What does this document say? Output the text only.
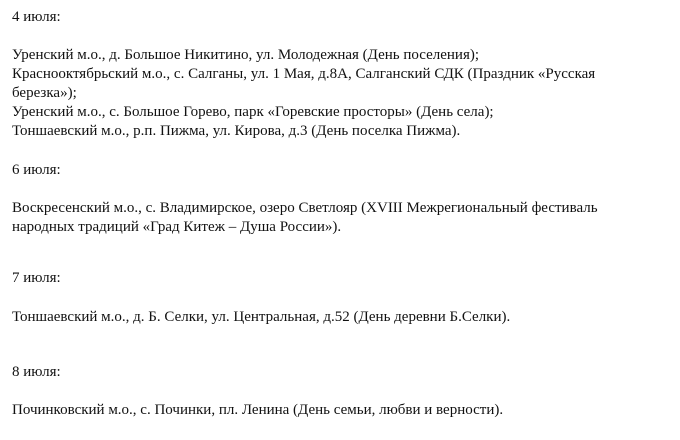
4 июля:
Уренский м.о., д. Большое Никитино, ул. Молодежная (День поселения);
Краснооктябрьский м.о., с. Салганы, ул. 1 Мая, д.8А, Салганский СДК (Праздник «Русская
березка»);
Уренский м.о., с. Большое Горево, парк «Горевские просторы» (День села);
Тоншаевский м.о., р.п. Пижма, ул. Кирова, д.3 (День поселка Пижма).
6 июля:
Воскресенский м.о., с. Владимирское, озеро Светлояр (XVIII Межрегиональный фестиваль
народных традиций «Град Китеж – Душа России»).
7 июля:
Тоншаевский м.о., д. Б. Селки, ул. Центральная, д.52 (День деревни Б.Селки).
8 июля:
Починковский м.о., с. Починки, пл. Ленина (День семьи, любви и верности).
